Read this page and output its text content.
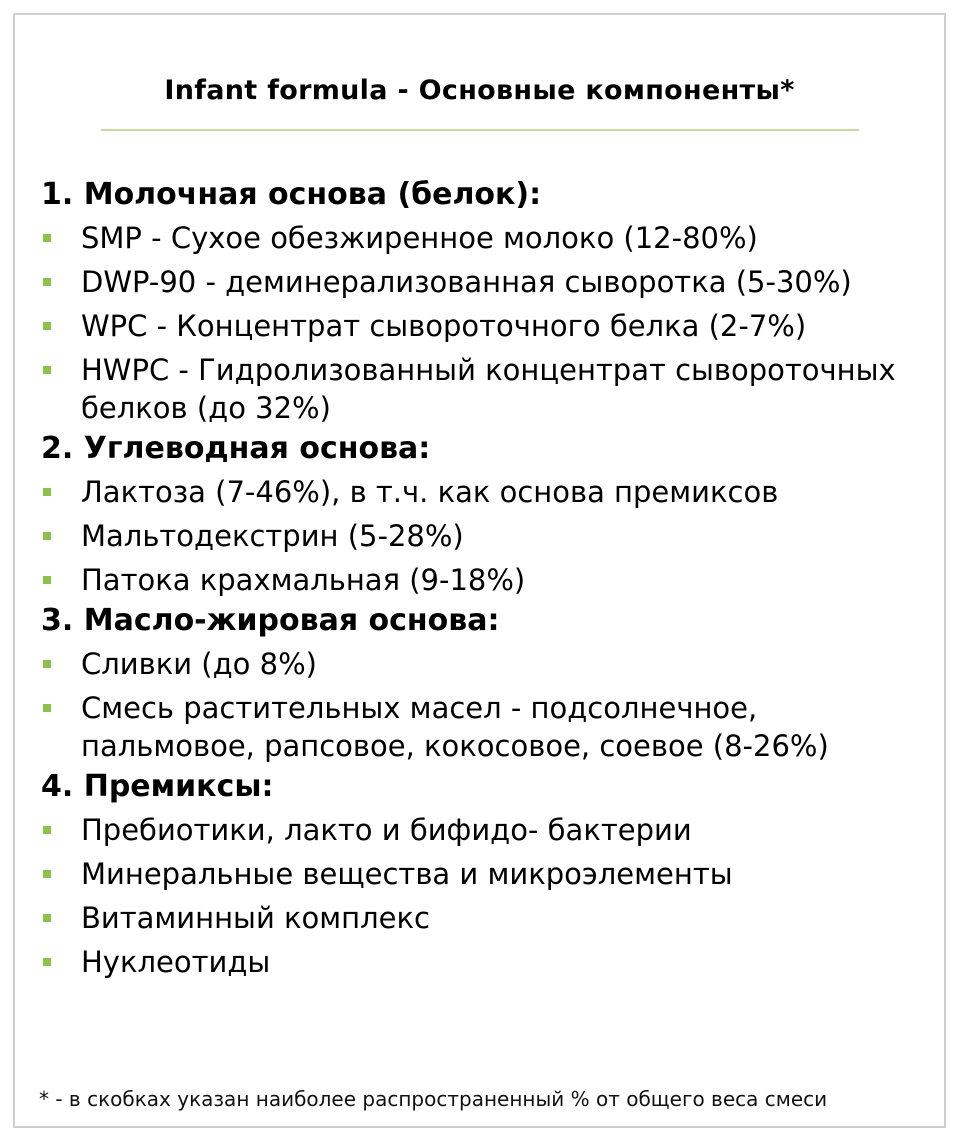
Infant formula - Основные компоненты*
1. Молочная основа (белок):
SMP - Сухое обезжиренное молоко (12-80%)
DWP-90 - деминерализованная сыворотка (5-30%)
WPC - Концентрат сывороточного белка (2-7%)
HWPC - Гидролизованный концентрат сывороточных белков (до 32%)
2. Углеводная основа:
Лактоза (7-46%), в т.ч. как основа премиксов
Мальтодекстрин (5-28%)
Патока крахмальная (9-18%)
3. Масло-жировая основа:
Сливки (до 8%)
Смесь растительных масел - подсолнечное, пальмовое, рапсовое, кокосовое, соевое (8-26%)
4. Премиксы:
Пребиотики, лакто и бифидо- бактерии
Минеральные вещества и микроэлементы
Витаминный комплекс
Нуклеотиды
* - в скобках указан наиболее распространенный % от общего веса смеси
